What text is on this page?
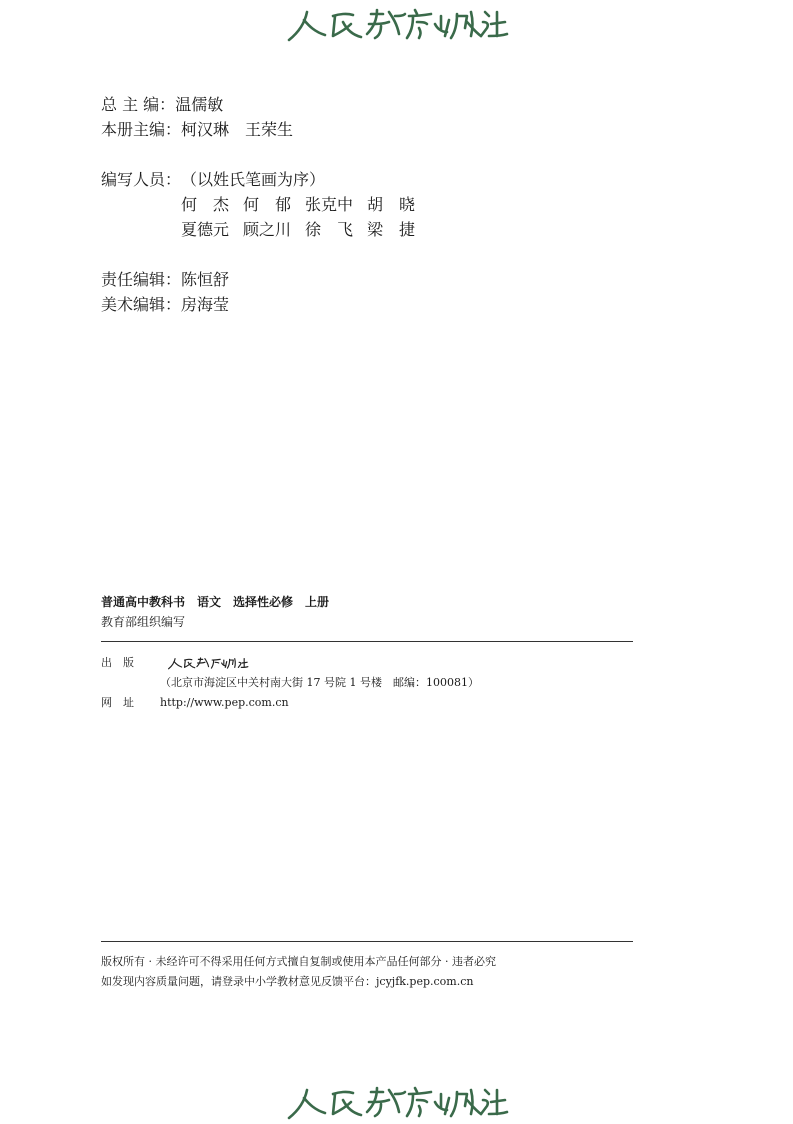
总 主 编：温儒敏
本册主编：柯汉琳 王荣生
编写人员：（以姓氏笔画为序）
何　杰 何　郁 张克中 胡　晓
夏德元 顾之川 徐　飞 梁　捷
责任编辑：陈恒舒
美术编辑：房海莹
普通高中教科书 语文 选择性必修 上册
教育部组织编写
出　版
（北京市海淀区中关村南大街 17 号院 1 号楼　邮编：100081）
网　址 http://www.pep.com.cn
版权所有 · 未经许可不得采用任何方式擅自复制或使用本产品任何部分 · 违者必究
如发现内容质量问题，请登录中小学教材意见反馈平台：jcyjfk.pep.com.cn
